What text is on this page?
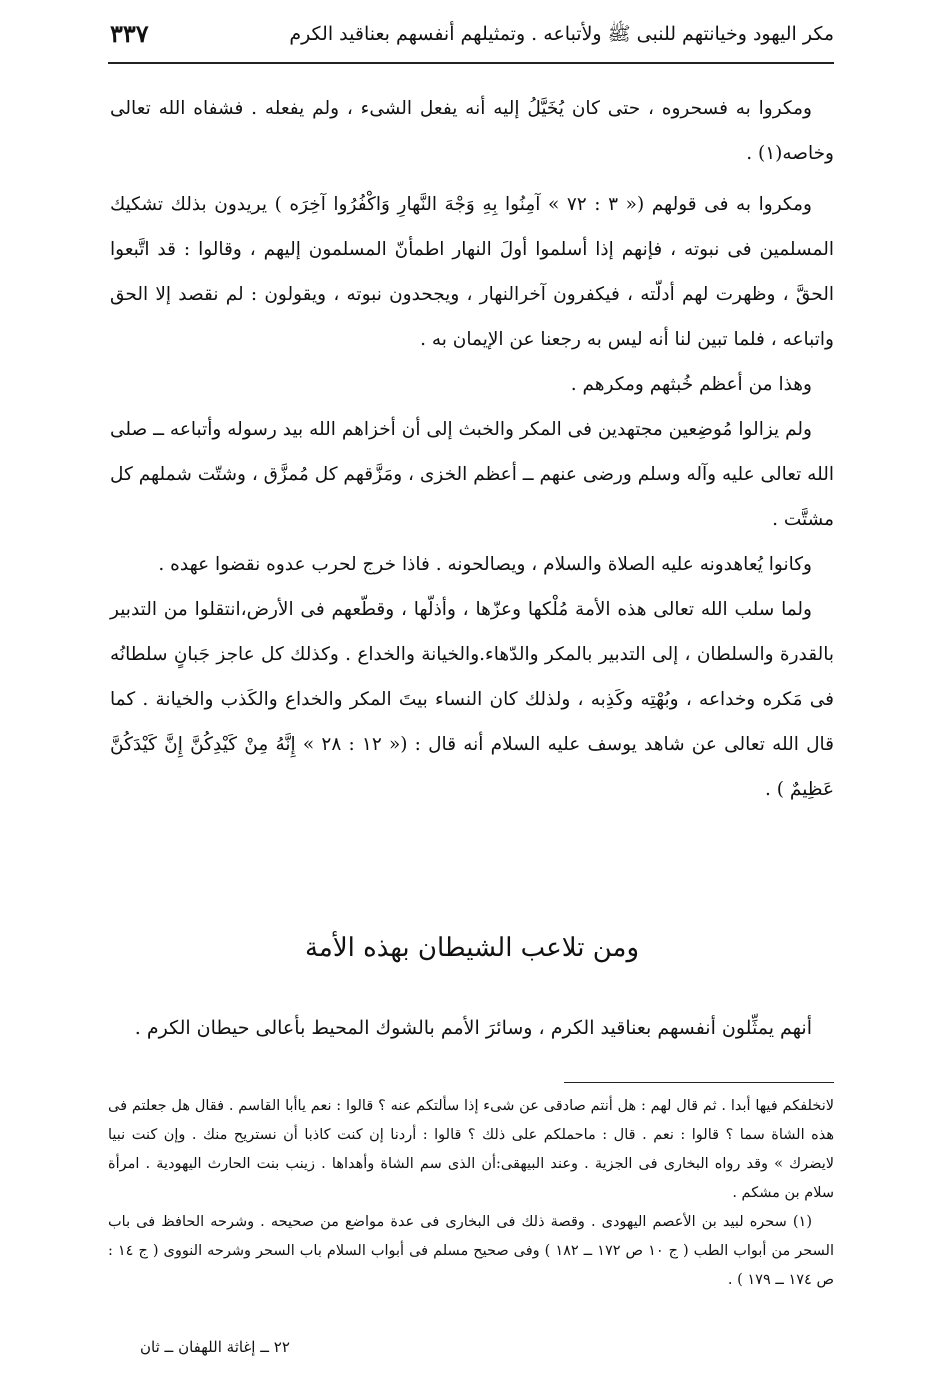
مكر اليهود وخيانتهم للنبى ﷺ ولأتباعه . وتمثيلهم أنفسهم بعناقيد الكرم
٣٣٧

ومكروا به فسحروه ، حتى كان يُخَيَّلُ إليه أنه يفعل الشىء ، ولم يفعله . فشفاه الله تعالى وخاصه(١) .

ومكروا به فى قولهم (« ٣ : ٧٢ » آمِنُوا بِهِ وَجْهَ النَّهارِ وَاكْفُرُوا آخِرَه ) يريدون بذلك تشكيك المسلمين فى نبوته ، فإنهم إذا أسلموا أولَ النهار اطمأنّ المسلمون إليهم ، وقالوا : قد اتَّبعوا الحقَّ ، وظهرت لهم أدلّته ، فيكفرون آخرالنهار ، ويجحدون نبوته ، ويقولون : لم نقصد إلا الحق واتباعه ، فلما تبين لنا أنه ليس به رجعنا عن الإيمان به .

وهذا من أعظم خُبثهم ومكرهم .

ولم يزالوا مُوضِعين مجتهدين فى المكر والخبث إلى أن أخزاهم الله بيد رسوله وأتباعه ــ صلى الله تعالى عليه وآله وسلم ورضى عنهم ــ أعظم الخزى ، ومَزَّقهم كل مُمزَّق ، وشتّت شملهم كل مشتَّت .

وكانوا يُعاهدونه عليه الصلاة والسلام ، ويصالحونه . فاذا خرج لحرب عدوه نقضوا عهده .

ولما سلب الله تعالى هذه الأمة مُلْكها وعزّها ، وأذلّها ، وقطّعهم فى الأرض،انتقلوا من التدبير بالقدرة والسلطان ، إلى التدبير بالمكر والدّهاء.والخيانة والخداع . وكذلك كل عاجز جَبانٍ سلطانُه فى مَكره وخداعه ، وبُهْتِه وكَذِبه ، ولذلك كان النساء بيتَ المكر والخداع والكَذب والخيانة . كما قال الله تعالى عن شاهد يوسف عليه السلام أنه قال : (« ١٢ : ٢٨ » إِنَّهُ مِنْ كَيْدِكُنَّ إِنَّ كَيْدَكُنَّ عَظِيمٌ ) .

ومن تلاعب الشيطان بهذه الأمة
أنهم يمثِّلون أنفسهم بعناقيد الكرم ، وسائرَ الأمم بالشوك المحيط بأعالى حيطان الكرم .

لانخلفكم فيها أبدا . ثم قال لهم : هل أنتم صادقى عن شىء إذا سألتكم عنه ؟ قالوا : نعم ياأبا القاسم . فقال هل جعلتم فى هذه الشاة سما ؟ قالوا : نعم . قال : ماحملكم على ذلك ؟ قالوا : أردنا إن كنت كاذبا أن نستريح منك . وإن كنت نبيا لايضرك » وقد رواه البخارى فى الجزية . وعند البيهقى:أن الذى سم الشاة وأهداها . زينب بنت الحارث اليهودية . امرأة سلام بن مشكم .

(١) سحره لبيد بن الأعصم اليهودى . وقصة ذلك فى البخارى فى عدة مواضع من صحيحه . وشرحه الحافظ فى باب السحر من أبواب الطب ( ج ١٠ ص ١٧٢ ــ ١٨٢ ) وفى صحيح مسلم فى أبواب السلام باب السحر وشرحه النووى ( ج ١٤ : ص ١٧٤ ــ ١٧٩ ) .

٢٢ ــ إغاثة اللهفان ــ ثان
